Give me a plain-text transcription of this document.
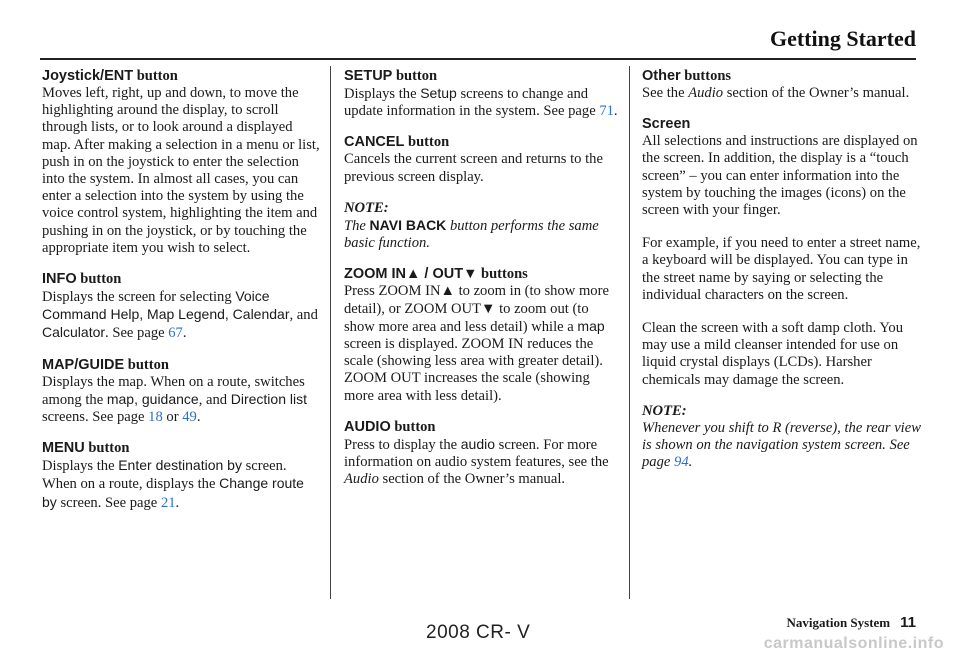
Getting Started

Joystick/ENT button

Moves left, right, up and down, to move the highlighting around the display, to scroll through lists, or to look around a displayed map. After making a selection in a menu or list, push in on the joystick to enter the selection into the system. In almost all cases, you can enter a selection into the system by using the voice control system, highlighting the item and pushing in on the joystick, or by touching the appropriate item you wish to select.

INFO button

Displays the screen for selecting Voice Command Help, Map Legend, Calendar, and Calculator. See page 67.

MAP/GUIDE button

Displays the map. When on a route, switches among the map, guidance, and Direction list screens. See page 18 or 49.

MENU button

Displays the Enter destination by screen. When on a route, displays the Change route by screen. See page 21.

SETUP button

Displays the Setup screens to change and update information in the system. See page 71.

CANCEL button

Cancels the current screen and returns to the previous screen display.

NOTE:

The NAVI BACK button performs the same basic function.

ZOOM IN▲ / OUT▼ buttons

Press ZOOM IN▲ to zoom in (to show more detail), or ZOOM OUT▼ to zoom out (to show more area and less detail) while a map screen is displayed. ZOOM IN reduces the scale (showing less area with greater detail). ZOOM OUT increases the scale (showing more area with less detail).

AUDIO button

Press to display the audio screen. For more information on audio system features, see the Audio section of the Owner’s manual.

Other buttons

See the Audio section of the Owner’s manual.

Screen

All selections and instructions are displayed on the screen. In addition, the display is a “touch screen” – you can enter information into the system by touching the images (icons) on the screen with your finger.

For example, if you need to enter a street name, a keyboard will be displayed. You can type in the street name by saying or selecting the individual characters on the screen.

Clean the screen with a soft damp cloth. You may use a mild cleanser intended for use on liquid crystal displays (LCDs). Harsher chemicals may damage the screen.

NOTE:

Whenever you shift to R (reverse), the rear view is shown on the navigation system screen. See page 94.

Navigation System 11
2008 CR- V
carmanualsonline.info
